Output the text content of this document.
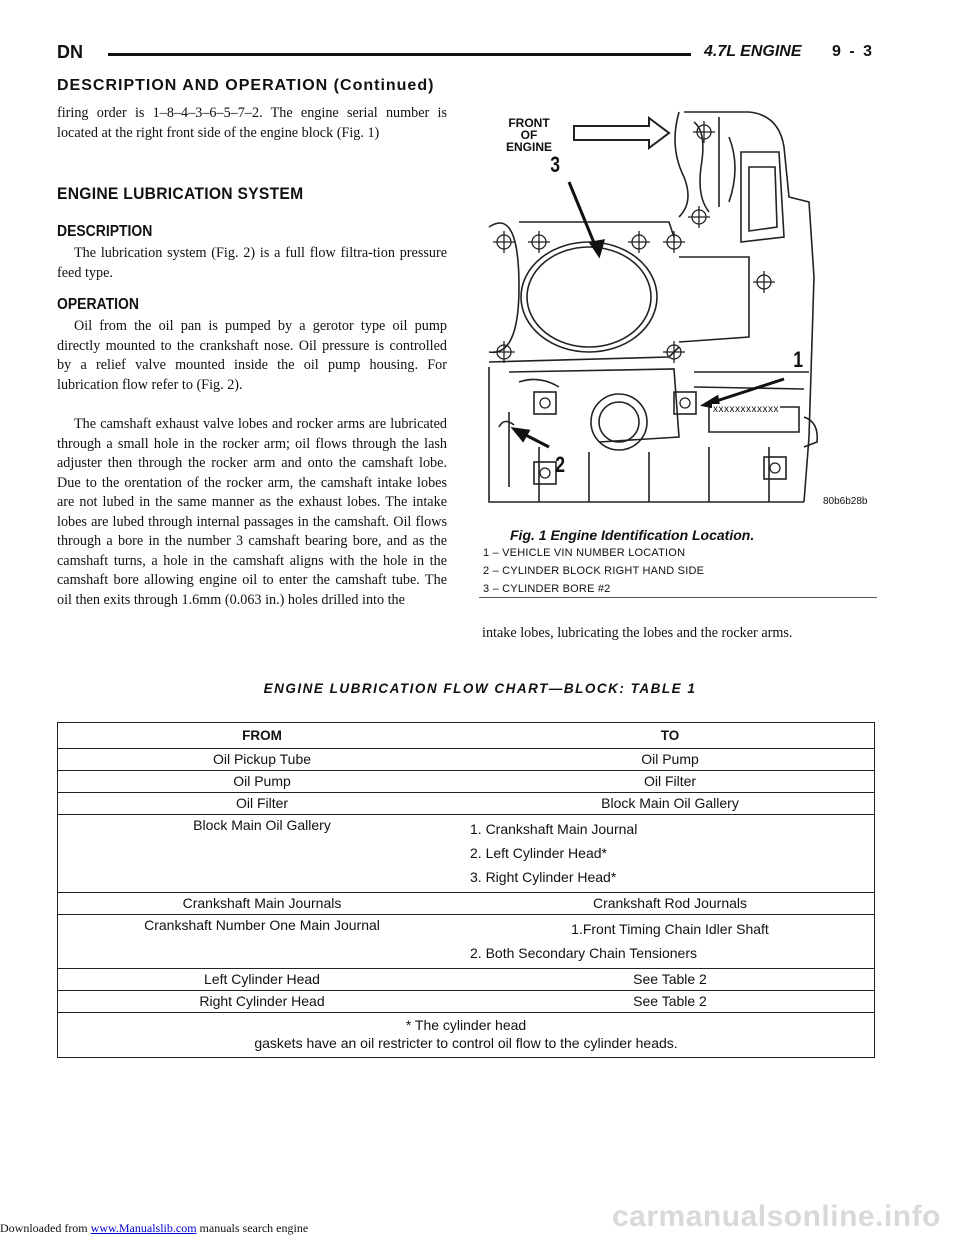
DN	4.7L ENGINE 9 - 3
DESCRIPTION AND OPERATION (Continued)
firing order is 1–8–4–3–6–5–7–2. The engine serial number is located at the right front side of the engine block (Fig. 1)
ENGINE LUBRICATION SYSTEM
DESCRIPTION
The lubrication system (Fig. 2) is a full flow filtra-tion pressure feed type.
OPERATION
Oil from the oil pan is pumped by a gerotor type oil pump directly mounted to the crankshaft nose. Oil pressure is controlled by a relief valve mounted inside the oil pump housing. For lubrication flow refer to (Fig. 2).
The camshaft exhaust valve lobes and rocker arms are lubricated through a small hole in the rocker arm; oil flows through the lash adjuster then through the rocker arm and onto the camshaft lobe. Due to the orentation of the rocker arm, the camshaft intake lobes are not lubed in the same manner as the exhaust lobes. The intake lobes are lubed through internal passages in the camshaft. Oil flows through a bore in the number 3 camshaft bearing bore, and as the camshaft turns, a hole in the camshaft aligns with the hole in the camshaft bore allowing engine oil to enter the camshaft tube. The oil then exits through 1.6mm (0.063 in.) holes drilled into the
FRONT
OF
ENGINE
3
1
2
xxxxxxxxxxxx
80b6b28b
Fig. 1 Engine Identification Location.
1 – VEHICLE VIN NUMBER LOCATION
2 – CYLINDER BLOCK RIGHT HAND SIDE
3 – CYLINDER BORE #2
intake lobes, lubricating the lobes and the rocker arms.
ENGINE LUBRICATION FLOW CHART—BLOCK: TABLE 1
FROM	TO
Oil Pickup Tube	Oil Pump

Oil Pump	Oil Filter

Oil Filter	Block Main Oil Gallery

Block Main Oil Gallery	1. Crankshaft Main Journal
2. Left Cylinder Head*
3. Right Cylinder Head*

Crankshaft Main Journals	Crankshaft Rod Journals

Crankshaft Number One Main Journal	1.Front Timing Chain Idler Shaft
2. Both Secondary Chain Tensioners

Left Cylinder Head	See Table 2

Right Cylinder Head	See Table 2

* The cylinder head
gaskets have an oil restricter to control oil flow to the cylinder heads.	
carmanualsonline.info
Downloaded from www.Manualslib.com manuals search engine
